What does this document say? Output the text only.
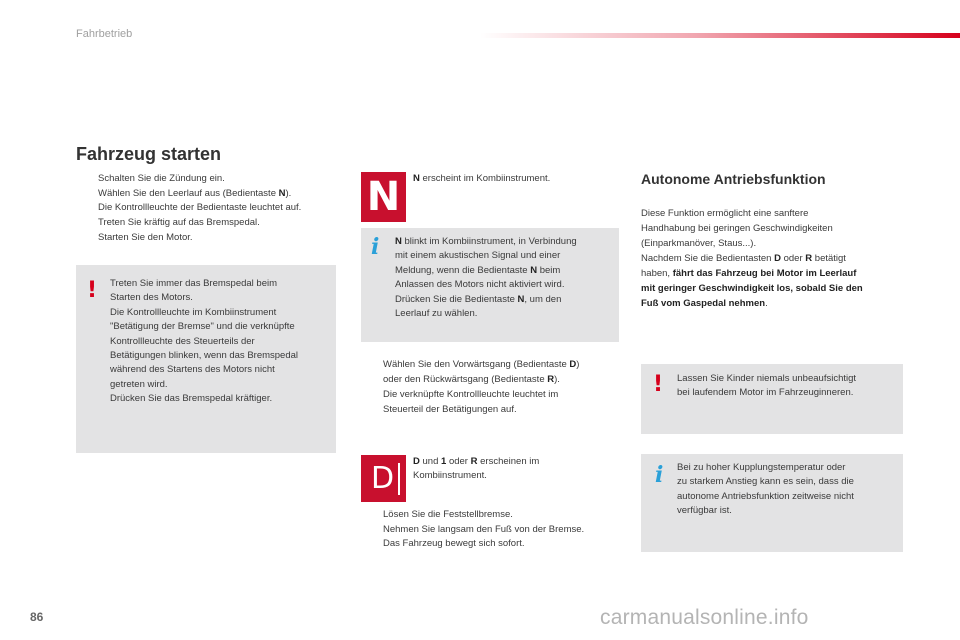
Fahrbetrieb
Fahrzeug starten
Schalten Sie die Zündung ein.
Wählen Sie den Leerlauf aus (Bedientaste N).
Die Kontrollleuchte der Bedientaste leuchtet auf.
Treten Sie kräftig auf das Bremspedal.
Starten Sie den Motor.
! Treten Sie immer das Bremspedal beim
Starten des Motors.
Die Kontrollleuchte im Kombiinstrument
"Betätigung der Bremse" und die verknüpfte
Kontrollleuchte des Steuerteils der
Betätigungen blinken, wenn das Bremspedal
während des Startens des Motors nicht
getreten wird.
Drücken Sie das Bremspedal kräftiger.
N	N erscheint im Kombiinstrument.
i N blinkt im Kombiinstrument, in Verbindung
mit einem akustischen Signal und einer
Meldung, wenn die Bedientaste N beim
Anlassen des Motors nicht aktiviert wird.
Drücken Sie die Bedientaste N, um den
Leerlauf zu wählen.
Wählen Sie den Vorwärtsgang (Bedientaste D)
oder den Rückwärtsgang (Bedientaste R).
Die verknüpfte Kontrollleuchte leuchtet im
Steuerteil der Betätigungen auf.
D	D und 1 oder R erscheinen im
Kombiinstrument.
Lösen Sie die Feststellbremse.
Nehmen Sie langsam den Fuß von der Bremse.
Das Fahrzeug bewegt sich sofort.
Autonome Antriebsfunktion
Diese Funktion ermöglicht eine sanftere
Handhabung bei geringen Geschwindigkeiten
(Einparkmanöver, Staus...).
Nachdem Sie die Bedientasten D oder R betätigt
haben, fährt das Fahrzeug bei Motor im Leerlauf
mit geringer Geschwindigkeit los, sobald Sie den
Fuß vom Gaspedal nehmen.
! Lassen Sie Kinder niemals unbeaufsichtigt
bei laufendem Motor im Fahrzeuginneren.
i Bei zu hoher Kupplungstemperatur oder
zu starkem Anstieg kann es sein, dass die
autonome Antriebsfunktion zeitweise nicht
verfügbar ist.
86	carmanualsonline.info
